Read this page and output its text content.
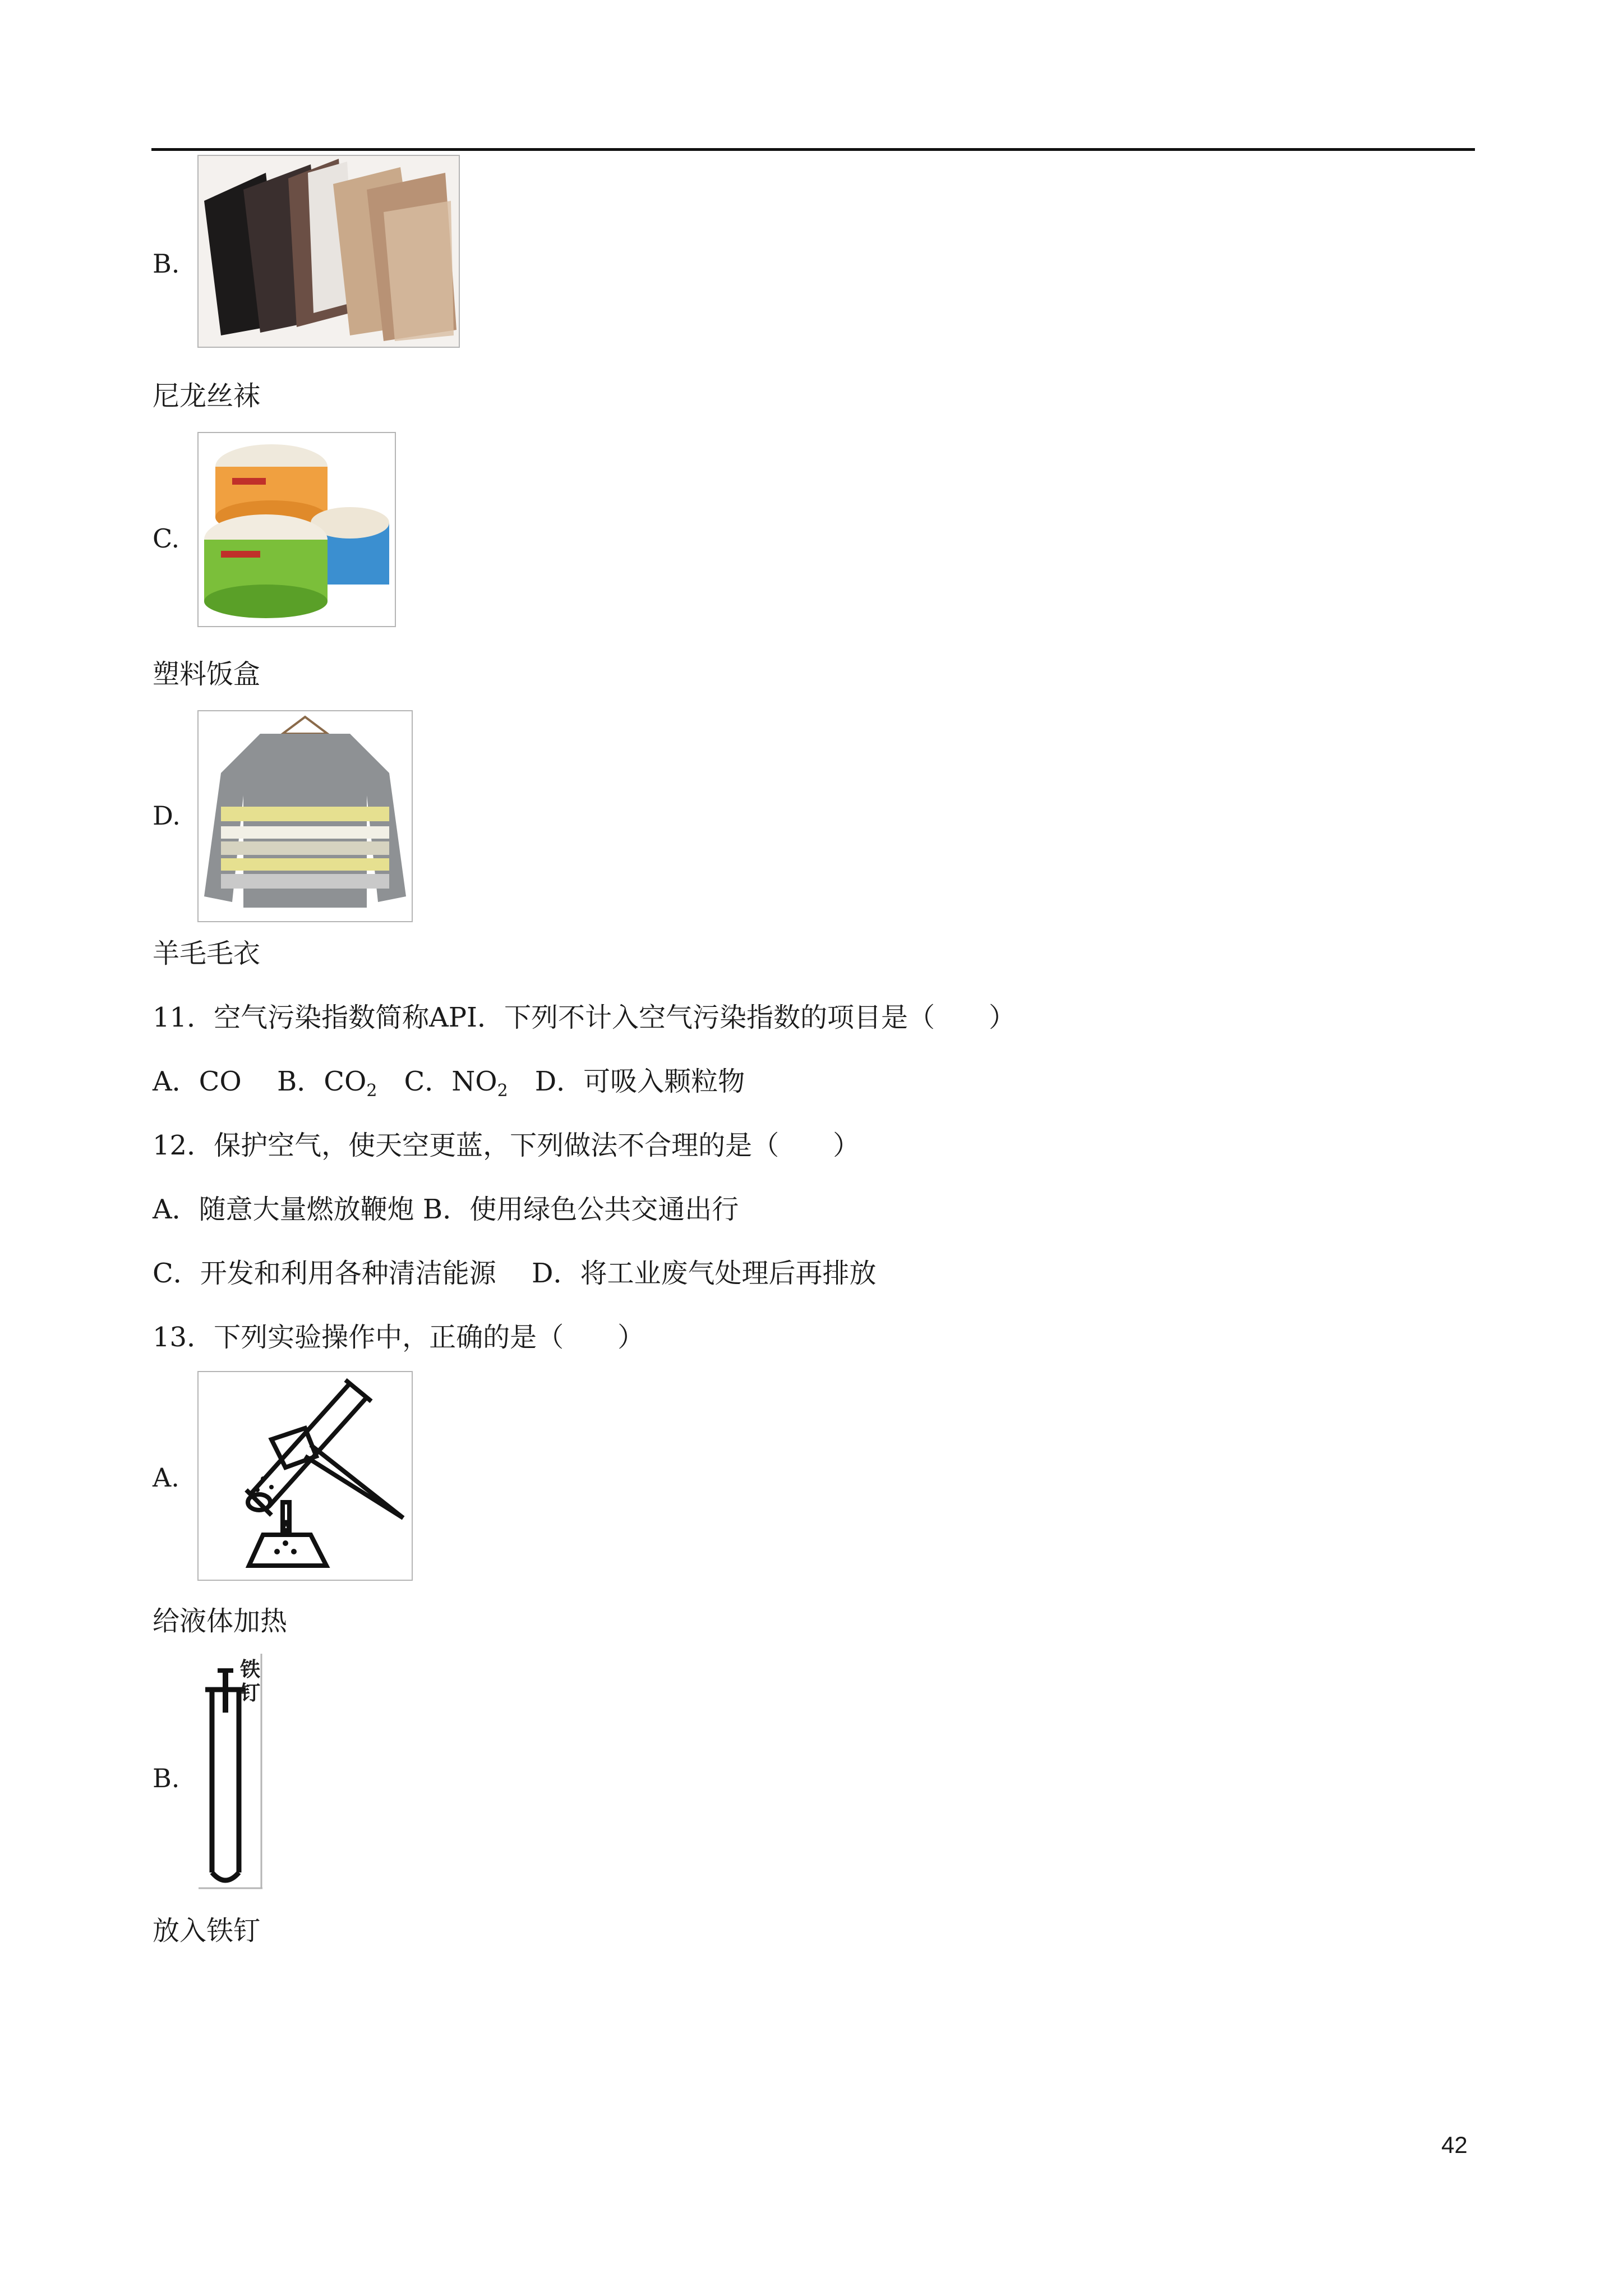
B.
尼龙丝袜
C.
塑料饭盒
D.
羊毛毛衣
11．空气污染指数简称API．下列不计入空气污染指数的项目是（　　）
A．CO　 B．$CO_2$　 C．$NO_2$　 D．可吸入颗粒物
12．保护空气，使天空更蓝，下列做法不合理的是（　　）
A．随意大量燃放鞭炮 B．使用绿色公共交通出行
C．开发和利用各种清洁能源　 D．将工业废气处理后再排放
13．下列实验操作中，正确的是（　　）
A.
给液体加热
B.
铁
钉
放入铁钉
42
